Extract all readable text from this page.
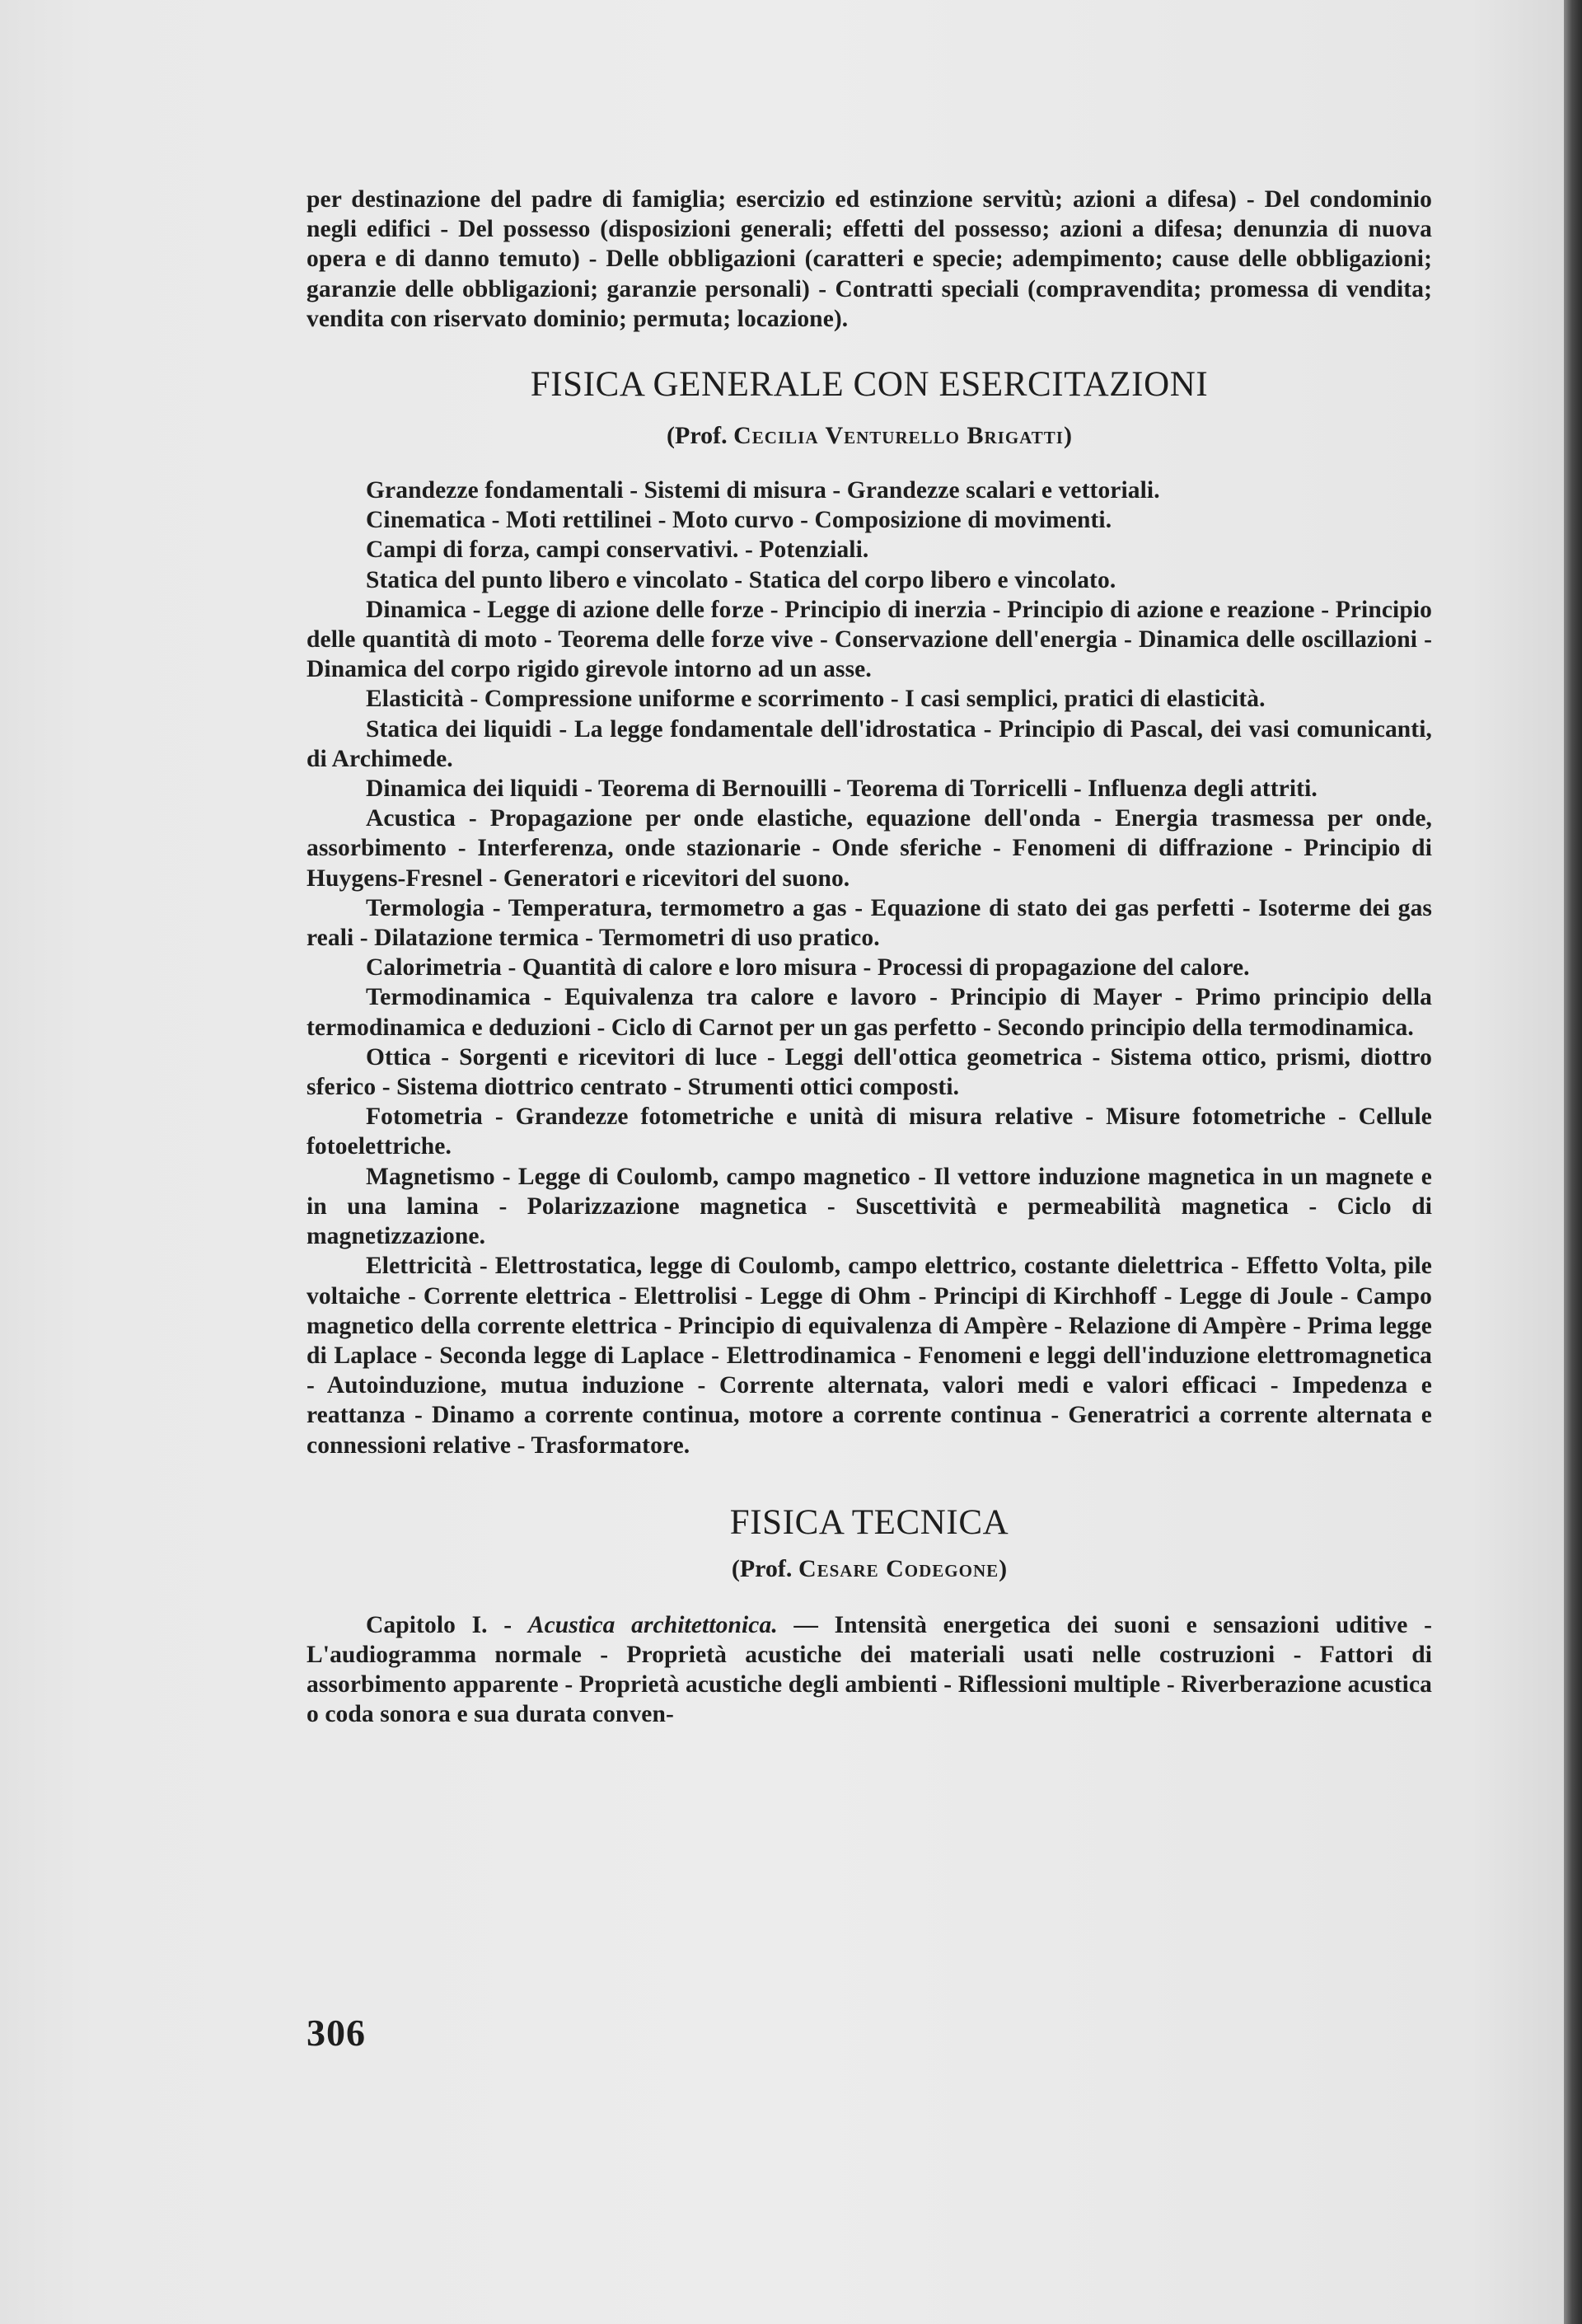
per destinazione del padre di famiglia; esercizio ed estinzione servitù; azioni a difesa) - Del condominio negli edifici - Del possesso (disposizioni generali; effetti del possesso; azioni a difesa; denunzia di nuova opera e di danno temuto) - Delle obbligazioni (caratteri e specie; adempimento; cause delle obbligazioni; garanzie delle obbligazioni; garanzie personali) - Contratti speciali (compravendita; promessa di vendita; vendita con riservato dominio; permuta; locazione).

FISICA GENERALE CON ESERCITAZIONI

(Prof. Cecilia Venturello Brigatti)

Grandezze fondamentali - Sistemi di misura - Grandezze scalari e vettoriali.

Cinematica - Moti rettilinei - Moto curvo - Composizione di movimenti.

Campi di forza, campi conservativi. - Potenziali.

Statica del punto libero e vincolato - Statica del corpo libero e vincolato.

Dinamica - Legge di azione delle forze - Principio di inerzia - Principio di azione e reazione - Principio delle quantità di moto - Teorema delle forze vive - Conservazione dell'energia - Dinamica delle oscillazioni - Dinamica del corpo rigido girevole intorno ad un asse.

Elasticità - Compressione uniforme e scorrimento - I casi semplici, pratici di elasticità.

Statica dei liquidi - La legge fondamentale dell'idrostatica - Principio di Pascal, dei vasi comunicanti, di Archimede.

Dinamica dei liquidi - Teorema di Bernouilli - Teorema di Torricelli - Influenza degli attriti.

Acustica - Propagazione per onde elastiche, equazione dell'onda - Energia trasmessa per onde, assorbimento - Interferenza, onde stazionarie - Onde sferiche - Fenomeni di diffrazione - Principio di Huygens-Fresnel - Generatori e ricevitori del suono.

Termologia - Temperatura, termometro a gas - Equazione di stato dei gas perfetti - Isoterme dei gas reali - Dilatazione termica - Termometri di uso pratico.

Calorimetria - Quantità di calore e loro misura - Processi di propagazione del calore.

Termodinamica - Equivalenza tra calore e lavoro - Principio di Mayer - Primo principio della termodinamica e deduzioni - Ciclo di Carnot per un gas perfetto - Secondo principio della termodinamica.

Ottica - Sorgenti e ricevitori di luce - Leggi dell'ottica geometrica - Sistema ottico, prismi, diottro sferico - Sistema diottrico centrato - Strumenti ottici composti.

Fotometria - Grandezze fotometriche e unità di misura relative - Misure fotometriche - Cellule fotoelettriche.

Magnetismo - Legge di Coulomb, campo magnetico - Il vettore induzione magnetica in un magnete e in una lamina - Polarizzazione magnetica - Suscettività e permeabilità magnetica - Ciclo di magnetizzazione.

Elettricità - Elettrostatica, legge di Coulomb, campo elettrico, costante dielettrica - Effetto Volta, pile voltaiche - Corrente elettrica - Elettrolisi - Legge di Ohm - Principi di Kirchhoff - Legge di Joule - Campo magnetico della corrente elettrica - Principio di equivalenza di Ampère - Relazione di Ampère - Prima legge di Laplace - Seconda legge di Laplace - Elettrodinamica - Fenomeni e leggi dell'induzione elettromagnetica - Autoinduzione, mutua induzione - Corrente alternata, valori medi e valori efficaci - Impedenza e reattanza - Dinamo a corrente continua, motore a corrente continua - Generatrici a corrente alternata e connessioni relative - Trasformatore.

FISICA TECNICA

(Prof. Cesare Codegone)

Capitolo I. - Acustica architettonica. — Intensità energetica dei suoni e sensazioni uditive - L'audiogramma normale - Proprietà acustiche dei materiali usati nelle costruzioni - Fattori di assorbimento apparente - Proprietà acustiche degli ambienti - Riflessioni multiple - Riverberazione acustica o coda sonora e sua durata conven-

306
